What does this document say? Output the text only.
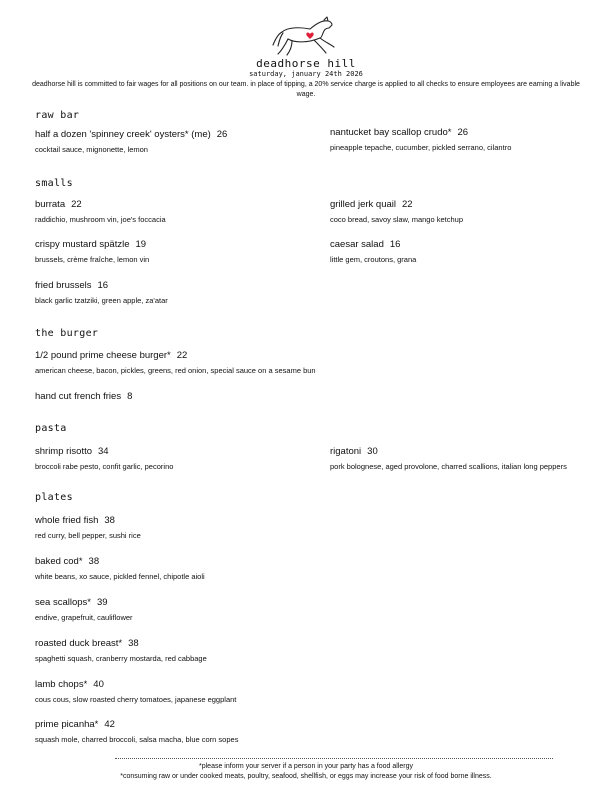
deadhorse hill
saturday, january 24th 2026
deadhorse hill is committed to fair wages for all positions on our team. in place of tipping, a 20% service charge is applied to all checks to ensure employees are earning a livable wage.
raw bar
half a dozen 'spinney creek' oysters* (me) 26
cocktail sauce, mignonette, lemon
nantucket bay scallop crudo* 26
pineapple tepache, cucumber, pickled serrano, cilantro
smalls
burrata 22
raddichio, mushroom vin, joe's foccacia
grilled jerk quail 22
coco bread, savoy slaw, mango ketchup
crispy mustard spätzle 19
brussels, crème fraîche, lemon vin
caesar salad 16
little gem, croutons, grana
fried brussels 16
black garlic tzatziki, green apple, za'atar
the burger
1/2 pound prime cheese burger* 22
american cheese, bacon, pickles, greens, red onion, special sauce on a sesame bun
hand cut french fries 8
pasta
shrimp risotto 34
broccoli rabe pesto, confit garlic, pecorino
rigatoni 30
pork bolognese, aged provolone, charred scallions, italian long peppers
plates
whole fried fish 38
red curry, bell pepper, sushi rice
baked cod* 38
white beans, xo sauce, pickled fennel, chipotle aioli
sea scallops* 39
endive, grapefruit, cauliflower
roasted duck breast* 38
spaghetti squash, cranberry mostarda, red cabbage
lamb chops* 40
cous cous, slow roasted cherry tomatoes, japanese eggplant
prime picanha* 42
squash mole, charred broccoli, salsa macha, blue corn sopes
*please inform your server if a person in your party has a food allergy
*consuming raw or under cooked meats, poultry, seafood, shellfish, or eggs may increase your risk of food borne illness.
